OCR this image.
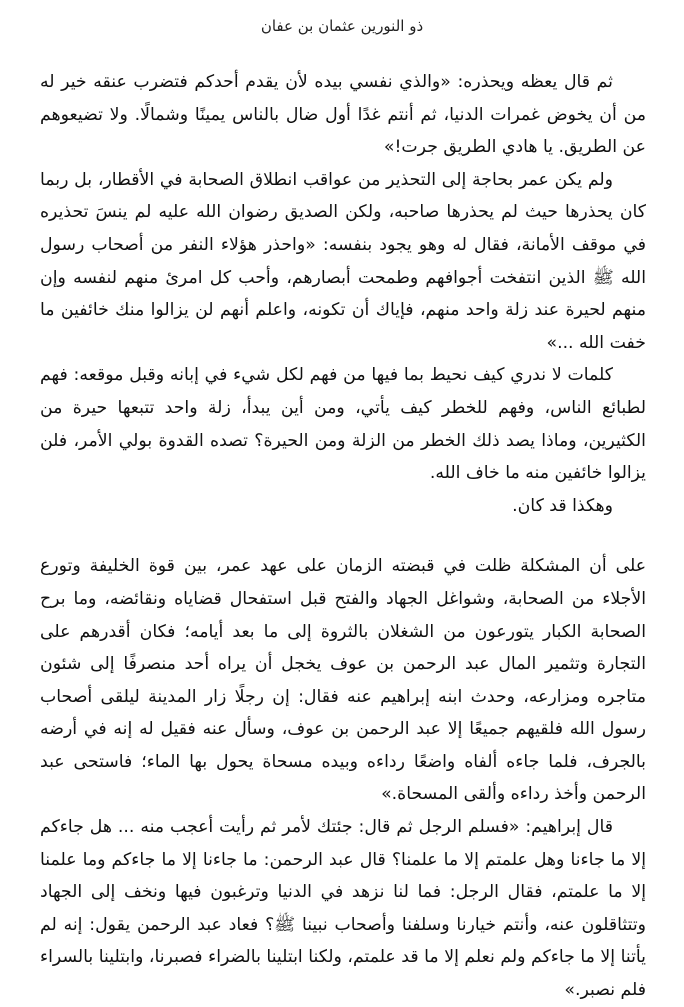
ذو النورين عثمان بن عفان

ثم قال يعظه ويحذره: «والذي نفسي بيده لأن يقدم أحدكم فتضرب عنقه خير له من أن يخوض غمرات الدنيا، ثم أنتم غدًا أول ضال بالناس يمينًا وشمالًا. ولا تضيعوهم عن الطريق. يا هادي الطريق جرت!»

ولم يكن عمر بحاجة إلى التحذير من عواقب انطلاق الصحابة في الأقطار، بل ربما كان يحذرها حيث لم يحذرها صاحبه، ولكن الصديق رضوان الله عليه لم ينسَ تحذيره في موقف الأمانة، فقال له وهو يجود بنفسه: «واحذر هؤلاء النفر من أصحاب رسول الله ﷺ الذين انتفخت أجوافهم وطمحت أبصارهم، وأحب كل امرئ منهم لنفسه وإن منهم لحيرة عند زلة واحد منهم، فإياك أن تكونه، واعلم أنهم لن يزالوا منك خائفين ما خفت الله ...»

كلمات لا ندري كيف نحيط بما فيها من فهم لكل شيء في إبانه وقبل موقعه: فهم لطبائع الناس، وفهم للخطر كيف يأتي، ومن أين يبدأ، زلة واحد تتبعها حيرة من الكثيرين، وماذا يصد ذلك الخطر من الزلة ومن الحيرة؟ تصده القدوة بولي الأمر، فلن يزالوا خائفين منه ما خاف الله.

وهكذا قد كان.

على أن المشكلة ظلت في قبضته الزمان على عهد عمر، بين قوة الخليفة وتورع الأجلاء من الصحابة، وشواغل الجهاد والفتح قبل استفحال قضاياه ونقائضه، وما برح الصحابة الكبار يتورعون من الشغلان بالثروة إلى ما بعد أيامه؛ فكان أقدرهم على التجارة وتثمير المال عبد الرحمن بن عوف يخجل أن يراه أحد منصرفًا إلى شئون متاجره ومزارعه، وحدث ابنه إبراهيم عنه فقال: إن رجلًا زار المدينة ليلقى أصحاب رسول الله فلقيهم جميعًا إلا عبد الرحمن بن عوف، وسأل عنه فقيل له إنه في أرضه بالجرف، فلما جاءه ألفاه واضعًا رداءه وبيده مسحاة يحول بها الماء؛ فاستحى عبد الرحمن وأخذ رداءه وألقى المسحاة.»

قال إبراهيم: «فسلم الرجل ثم قال: جئتك لأمر ثم رأيت أعجب منه ... هل جاءكم إلا ما جاءنا وهل علمتم إلا ما علمنا؟ قال عبد الرحمن: ما جاءنا إلا ما جاءكم وما علمنا إلا ما علمتم، فقال الرجل: فما لنا نزهد في الدنيا وترغبون فيها ونخف إلى الجهاد وتتثاقلون عنه، وأنتم خيارنا وسلفنا وأصحاب نبينا ﷺ؟ فعاد عبد الرحمن يقول: إنه لم يأتنا إلا ما جاءكم ولم نعلم إلا ما قد علمتم، ولكنا ابتلينا بالضراء فصبرنا، وابتلينا بالسراء فلم نصبر.»
